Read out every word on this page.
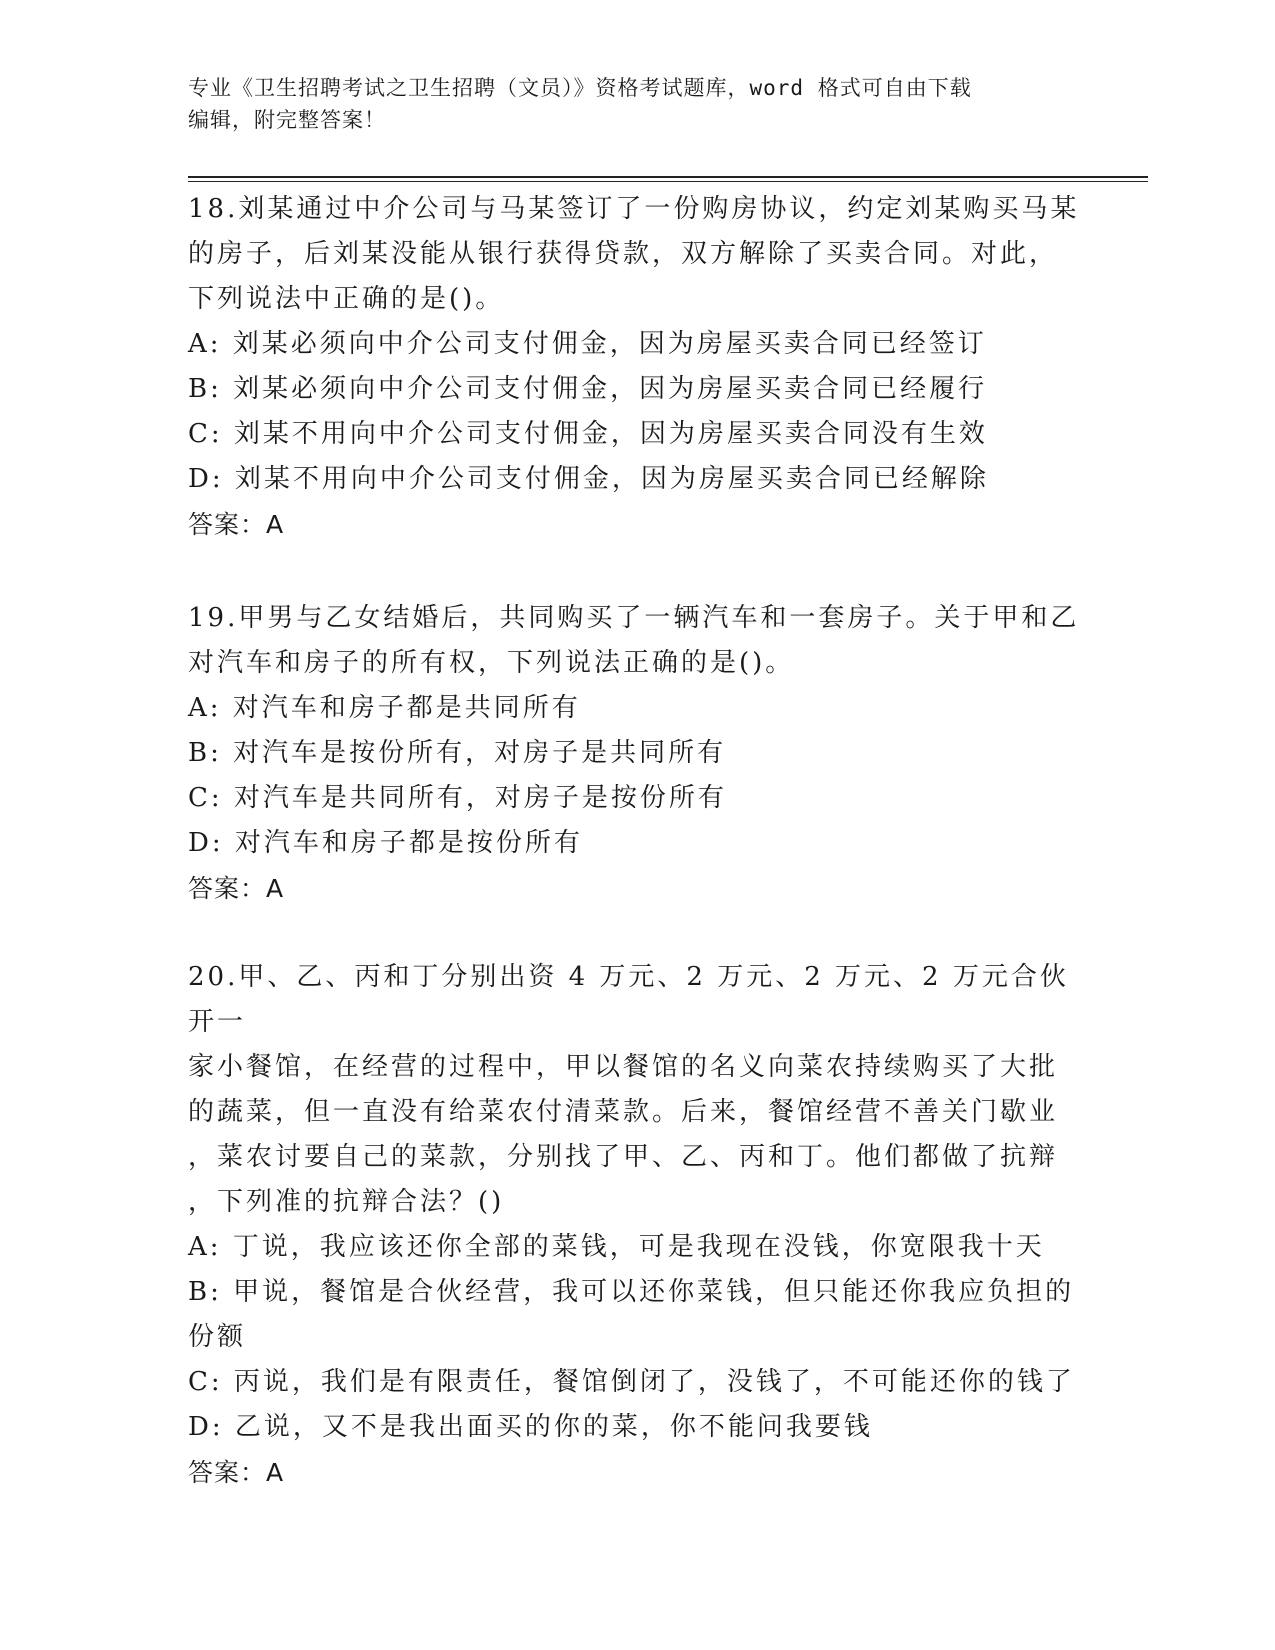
专业《卫生招聘考试之卫生招聘（文员）》资格考试题库，word 格式可自由下载

编辑，附完整答案！

18.刘某通过中介公司与马某签订了一份购房协议，约定刘某购买马某

的房子，后刘某没能从银行获得贷款，双方解除了买卖合同。对此，

下列说法中正确的是()。

A: 刘某必须向中介公司支付佣金，因为房屋买卖合同已经签订

B: 刘某必须向中介公司支付佣金，因为房屋买卖合同已经履行

C: 刘某不用向中介公司支付佣金，因为房屋买卖合同没有生效

D: 刘某不用向中介公司支付佣金，因为房屋买卖合同已经解除

答案：A

19.甲男与乙女结婚后，共同购买了一辆汽车和一套房子。关于甲和乙

对汽车和房子的所有权，下列说法正确的是()。

A: 对汽车和房子都是共同所有

B: 对汽车是按份所有，对房子是共同所有

C: 对汽车是共同所有，对房子是按份所有

D: 对汽车和房子都是按份所有

答案：A

20.甲、乙、丙和丁分别出资 4 万元、2 万元、2 万元、2 万元合伙开一

家小餐馆，在经营的过程中，甲以餐馆的名义向菜农持续购买了大批

的蔬菜，但一直没有给菜农付清菜款。后来，餐馆经营不善关门歇业

，菜农讨要自己的菜款，分别找了甲、乙、丙和丁。他们都做了抗辩

，下列准的抗辩合法？()

A: 丁说，我应该还你全部的菜钱，可是我现在没钱，你宽限我十天

B: 甲说，餐馆是合伙经营，我可以还你菜钱，但只能还你我应负担的

份额

C: 丙说，我们是有限责任，餐馆倒闭了，没钱了，不可能还你的钱了

D: 乙说，又不是我出面买的你的菜，你不能问我要钱

答案：A
